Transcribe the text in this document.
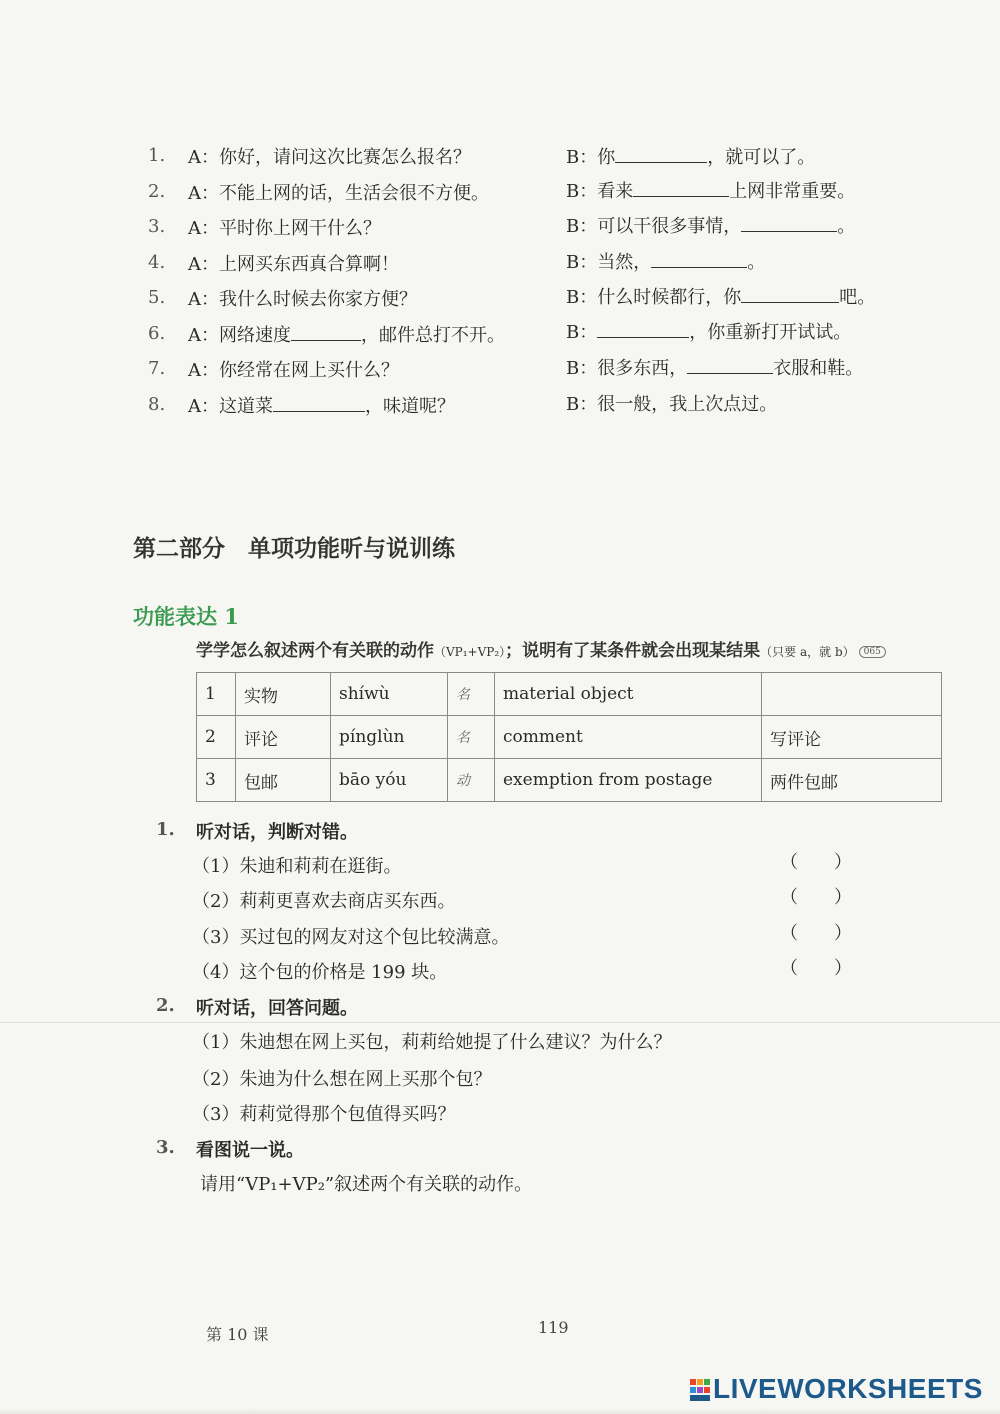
1. A：你好，请问这次比赛怎么报名？	B：你	，就可以了。
2. A：不能上网的话，生活会很不方便。	B：看来	上网非常重要。
3. A：平时你上网干什么？	B：可以干很多事情，	。
4. A：上网买东西真合算啊！	B：当然，	。
5. A：我什么时候去你家方便？	B：什么时候都行，你	吧。
6. A：网络速度	，邮件总打不开。	B：	，你重新打开试试。
7. A：你经常在网上买什么？	B：很多东西，	衣服和鞋。
8. A：这道菜	，味道呢？	B：很一般，我上次点过。
第二部分　单项功能听与说训练
功能表达 1
学学怎么叙述两个有关联的动作（VP₁+VP₂）；说明有了某条件就会出现某结果（只要 a，就 b） 065
1	实物	shíwù	名	material object	
2	评论	pínglùn	名	comment	写评论
3	包邮	bāo yóu	动	exemption from postage	两件包邮
1. 听对话，判断对错。
（1）朱迪和莉莉在逛街。	（　　）
（2）莉莉更喜欢去商店买东西。	（　　）
（3）买过包的网友对这个包比较满意。	（　　）
（4）这个包的价格是 199 块。	（　　）
2. 听对话，回答问题。
（1）朱迪想在网上买包，莉莉给她提了什么建议？为什么？
（2）朱迪为什么想在网上买那个包？
（3）莉莉觉得那个包值得买吗？
3. 看图说一说。
请用“VP₁+VP₂”叙述两个有关联的动作。
第 10 课	119
LIVEWORKSHEETS
